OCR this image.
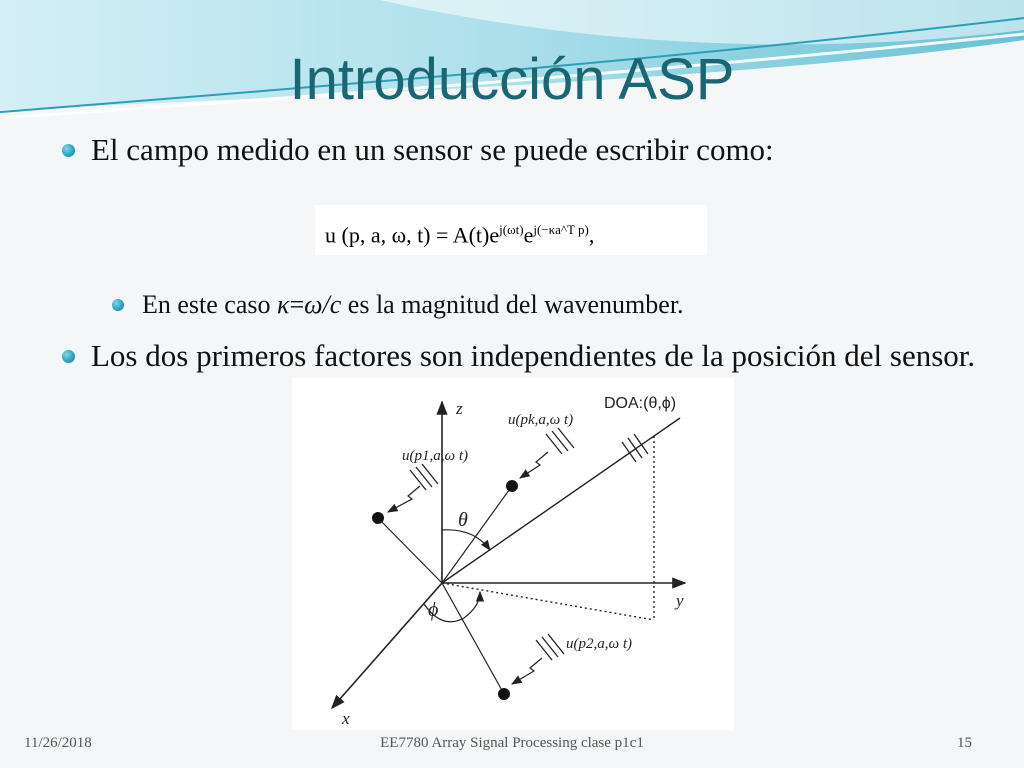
Introducción ASP
El campo medido en un sensor se puede escribir como:
u (p, a, ω, $t) = A(t)e^{j(\omega t)}e^{j(-\kappa a\^{}T p)}$,
En este caso κ=ω/c es la magnitud del wavenumber.
Los dos primeros factores son independientes de la posición del sensor.
z
y
x
DOA:(θ,ϕ)
θ
ϕ
u(p1,a,ω t)
u(pk,a,ω t)
u(p2,a,ω t)
11/26/2018	EE7780 Array Signal Processing clase p1c1	15
